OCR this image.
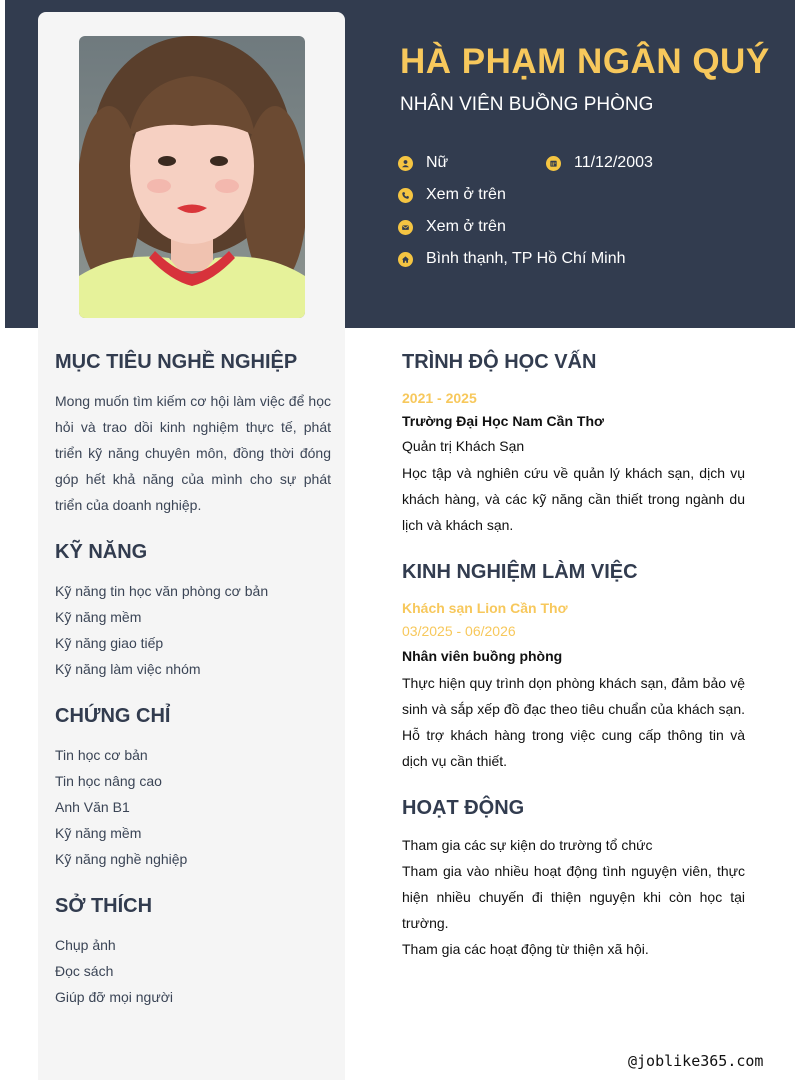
HÀ PHẠM NGÂN QUÝ
NHÂN VIÊN BUỒNG PHÒNG
Nữ	11/12/2003
Xem ở trên
Xem ở trên
Bình thạnh, TP Hồ Chí Minh
MỤC TIÊU NGHỀ NGHIỆP
Mong muốn tìm kiếm cơ hội làm việc để học hỏi và trao dồi kinh nghiệm thực tế, phát triển kỹ năng chuyên môn, đồng thời đóng góp hết khả năng của mình cho sự phát triển của doanh nghiệp.
KỸ NĂNG
Kỹ năng tin học văn phòng cơ bản
Kỹ năng mềm
Kỹ năng giao tiếp
Kỹ năng làm việc nhóm
CHỨNG CHỈ
Tin học cơ bản
Tin học nâng cao
Anh Văn B1
Kỹ năng mềm
Kỹ năng nghề nghiệp
SỞ THÍCH
Chụp ảnh
Đọc sách
Giúp đỡ mọi người
TRÌNH ĐỘ HỌC VẤN
2021 - 2025
Trường Đại Học Nam Cần Thơ
Quản trị Khách Sạn
Học tập và nghiên cứu về quản lý khách sạn, dịch vụ khách hàng, và các kỹ năng cần thiết trong ngành du lịch và khách sạn.
KINH NGHIỆM LÀM VIỆC
Khách sạn Lion Cần Thơ
03/2025 - 06/2026
Nhân viên buồng phòng
Thực hiện quy trình dọn phòng khách sạn, đảm bảo vệ sinh và sắp xếp đồ đạc theo tiêu chuẩn của khách sạn. Hỗ trợ khách hàng trong việc cung cấp thông tin và dịch vụ cần thiết.
HOẠT ĐỘNG
Tham gia các sự kiện do trường tổ chức
Tham gia vào nhiều hoạt động tình nguyện viên, thực hiện nhiều chuyến đi thiện nguyện khi còn học tại trường.
Tham gia các hoạt động từ thiện xã hội.
@joblike365.com
